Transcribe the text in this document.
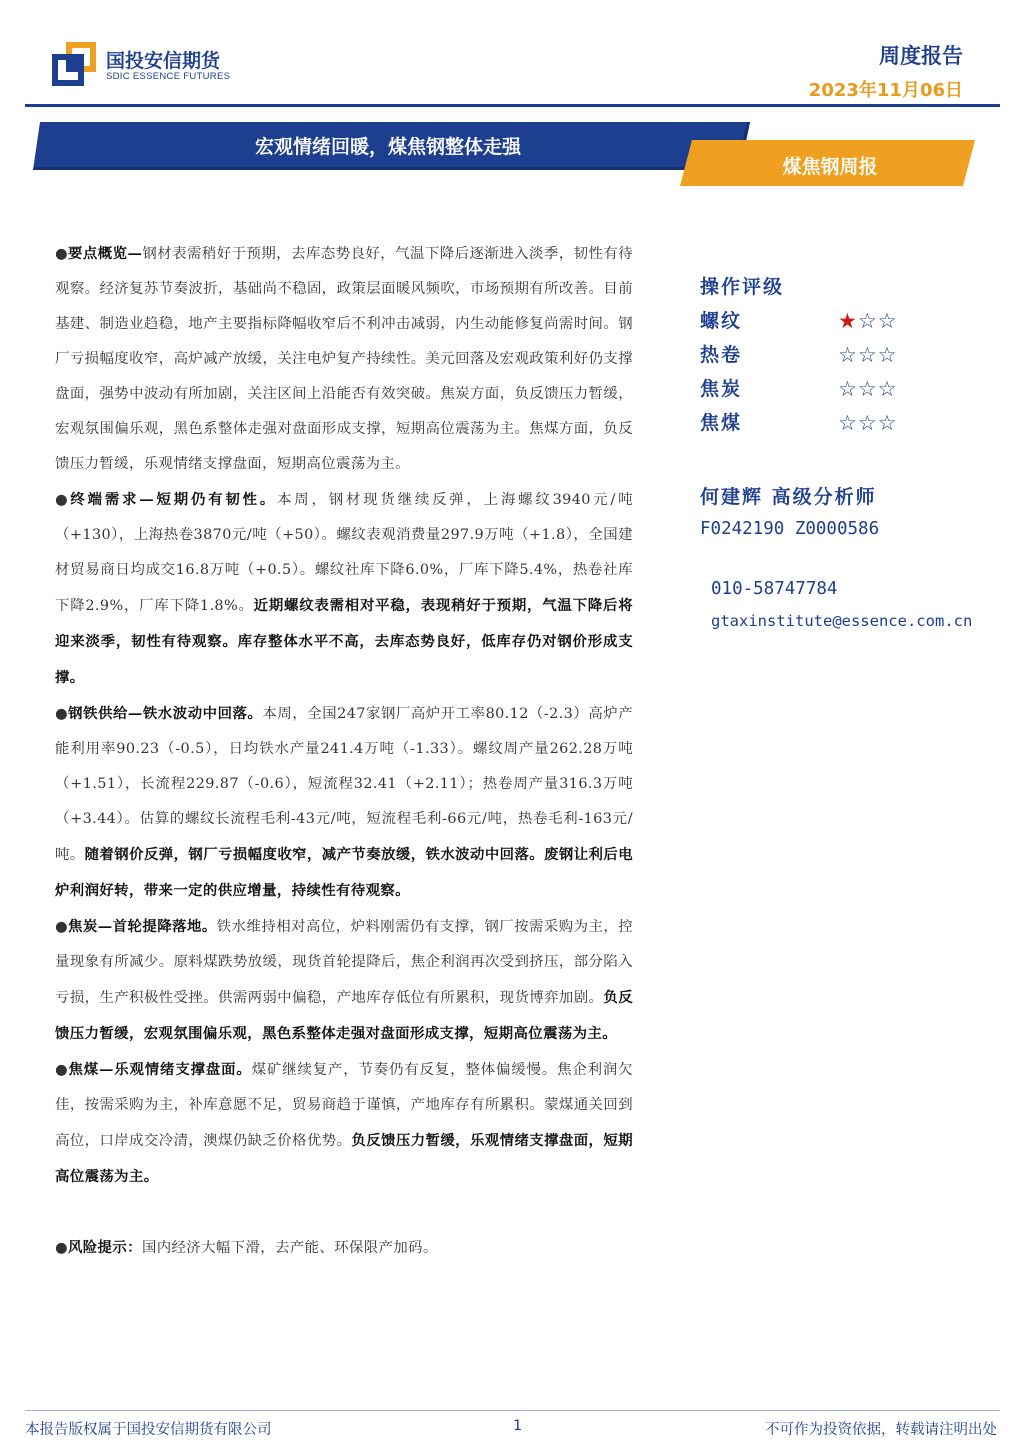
国投安信期货
SDIC ESSENCE FUTURES
周度报告
2023年11月06日
宏观情绪回暖，煤焦钢整体走强
煤焦钢周报

●要点概览—钢材表需稍好于预期，去库态势良好，气温下降后逐渐进入淡季，韧性有待观察。经济复苏节奏波折，基础尚不稳固，政策层面暖风频吹，市场预期有所改善。目前基建、制造业趋稳，地产主要指标降幅收窄后不利冲击减弱，内生动能修复尚需时间。钢厂亏损幅度收窄，高炉减产放缓，关注电炉复产持续性。美元回落及宏观政策利好仍支撑盘面，强势中波动有所加剧，关注区间上沿能否有效突破。焦炭方面，负反馈压力暂缓，宏观氛围偏乐观，黑色系整体走强对盘面形成支撑，短期高位震荡为主。焦煤方面，负反馈压力暂缓，乐观情绪支撑盘面，短期高位震荡为主。

●终端需求—短期仍有韧性。本周，钢材现货继续反弹，上海螺纹3940元/吨（+130），上海热卷3870元/吨（+50）。螺纹表观消费量297.9万吨（+1.8），全国建材贸易商日均成交16.8万吨（+0.5）。螺纹社库下降6.0%，厂库下降5.4%，热卷社库下降2.9%，厂库下降1.8%。近期螺纹表需相对平稳，表现稍好于预期，气温下降后将迎来淡季，韧性有待观察。库存整体水平不高，去库态势良好，低库存仍对钢价形成支撑。

●钢铁供给—铁水波动中回落。本周，全国247家钢厂高炉开工率80.12（-2.3）高炉产能利用率90.23（-0.5），日均铁水产量241.4万吨（-1.33）。螺纹周产量262.28万吨（+1.51），长流程229.87（-0.6），短流程32.41（+2.11）；热卷周产量316.3万吨（+3.44）。估算的螺纹长流程毛利-43元/吨，短流程毛利-66元/吨，热卷毛利-163元/吨。随着钢价反弹，钢厂亏损幅度收窄，减产节奏放缓，铁水波动中回落。废钢让利后电炉利润好转，带来一定的供应增量，持续性有待观察。

●焦炭—首轮提降落地。铁水维持相对高位，炉料刚需仍有支撑，钢厂按需采购为主，控量现象有所减少。原料煤跌势放缓，现货首轮提降后，焦企利润再次受到挤压，部分陷入亏损，生产积极性受挫。供需两弱中偏稳，产地库存低位有所累积，现货博弈加剧。负反馈压力暂缓，宏观氛围偏乐观，黑色系整体走强对盘面形成支撑，短期高位震荡为主。

●焦煤—乐观情绪支撑盘面。煤矿继续复产，节奏仍有反复，整体偏缓慢。焦企利润欠佳，按需采购为主，补库意愿不足，贸易商趋于谨慎，产地库存有所累积。蒙煤通关回到高位，口岸成交冷清，澳煤仍缺乏价格优势。负反馈压力暂缓，乐观情绪支撑盘面，短期高位震荡为主。

●风险提示：国内经济大幅下滑，去产能、环保限产加码。

操作评级
螺纹	★☆☆
热卷	☆☆☆
焦炭	☆☆☆
焦煤	☆☆☆
何建辉 高级分析师
F0242190 Z0000586
010-58747784
gtaxinstitute@essence.com.cn
本报告版权属于国投安信期货有限公司	1	不可作为投资依据，转载请注明出处
